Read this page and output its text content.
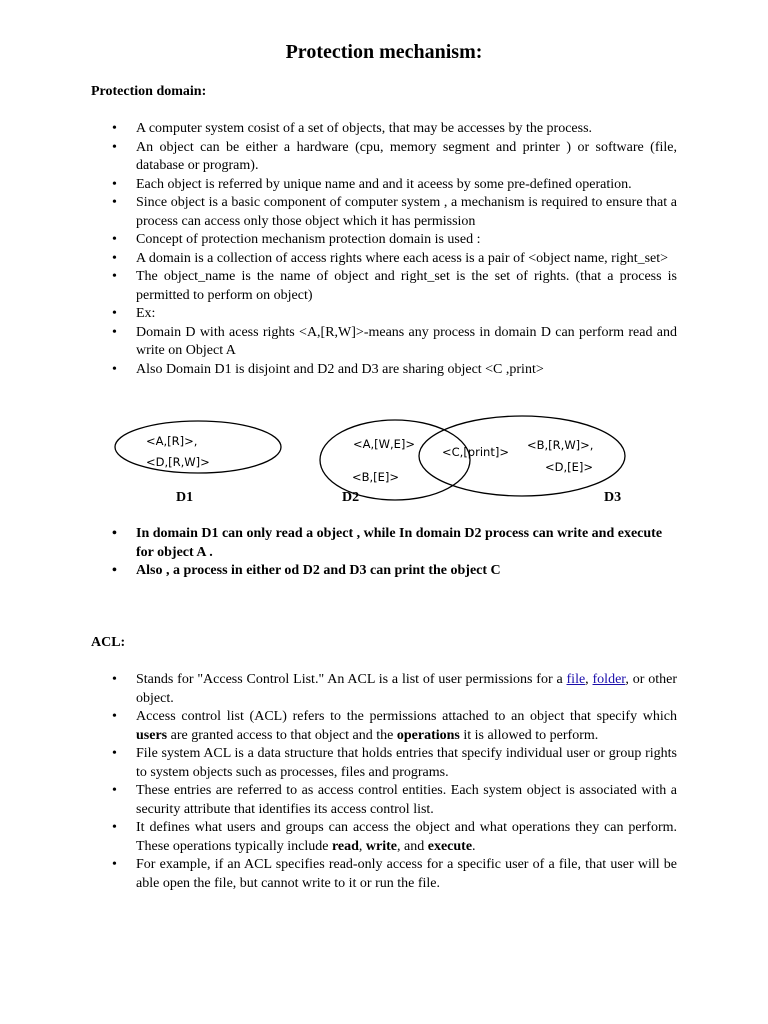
Protection mechanism:
Protection domain:
• A computer system cosist of a set of objects, that may be accesses by the process.
• An object can be either a hardware (cpu, memory segment and printer ) or software (file, database or program).
• Each object is referred by unique name and and it aceess by some pre-defined operation.
• Since object is a basic component of computer system , a mechanism is required to ensure that a process can access only those object which it has permission
• Concept of protection mechanism protection domain is used :
• A domain is a collection of access rights where each acess is a pair of <object name, right_set>
• The object_name is the name of object and right_set is the set of rights. (that a process is permitted to perform on object)
• Ex:
• Domain D with acess rights <A,[R,W]>-means any process in domain D can perform read and write on Object A
• Also Domain D1 is disjoint and D2 and D3 are sharing object <C ,print>
<A,[R]>,
<D,[R,W]>
<A,[W,E]>
<B,[E]>
<C,[print]> <B,[R,W]>,
<D,[E]>
D1	D2	D3
• In domain D1 can only read a object , while In domain D2 process can write and execute for object A .
• Also , a process in either od D2 and D3 can print the object C
ACL:
• Stands for "Access Control List." An ACL is a list of user permissions for a file, folder, or other object.
• Access control list (ACL) refers to the permissions attached to an object that specify which users are granted access to that object and the operations it is allowed to perform.
• File system ACL is a data structure that holds entries that specify individual user or group rights to system objects such as processes, files and programs.
• These entries are referred to as access control entities. Each system object is associated with a security attribute that identifies its access control list.
• It defines what users and groups can access the object and what operations they can perform. These operations typically include read, write, and execute.
• For example, if an ACL specifies read-only access for a specific user of a file, that user will be able open the file, but cannot write to it or run the file.
